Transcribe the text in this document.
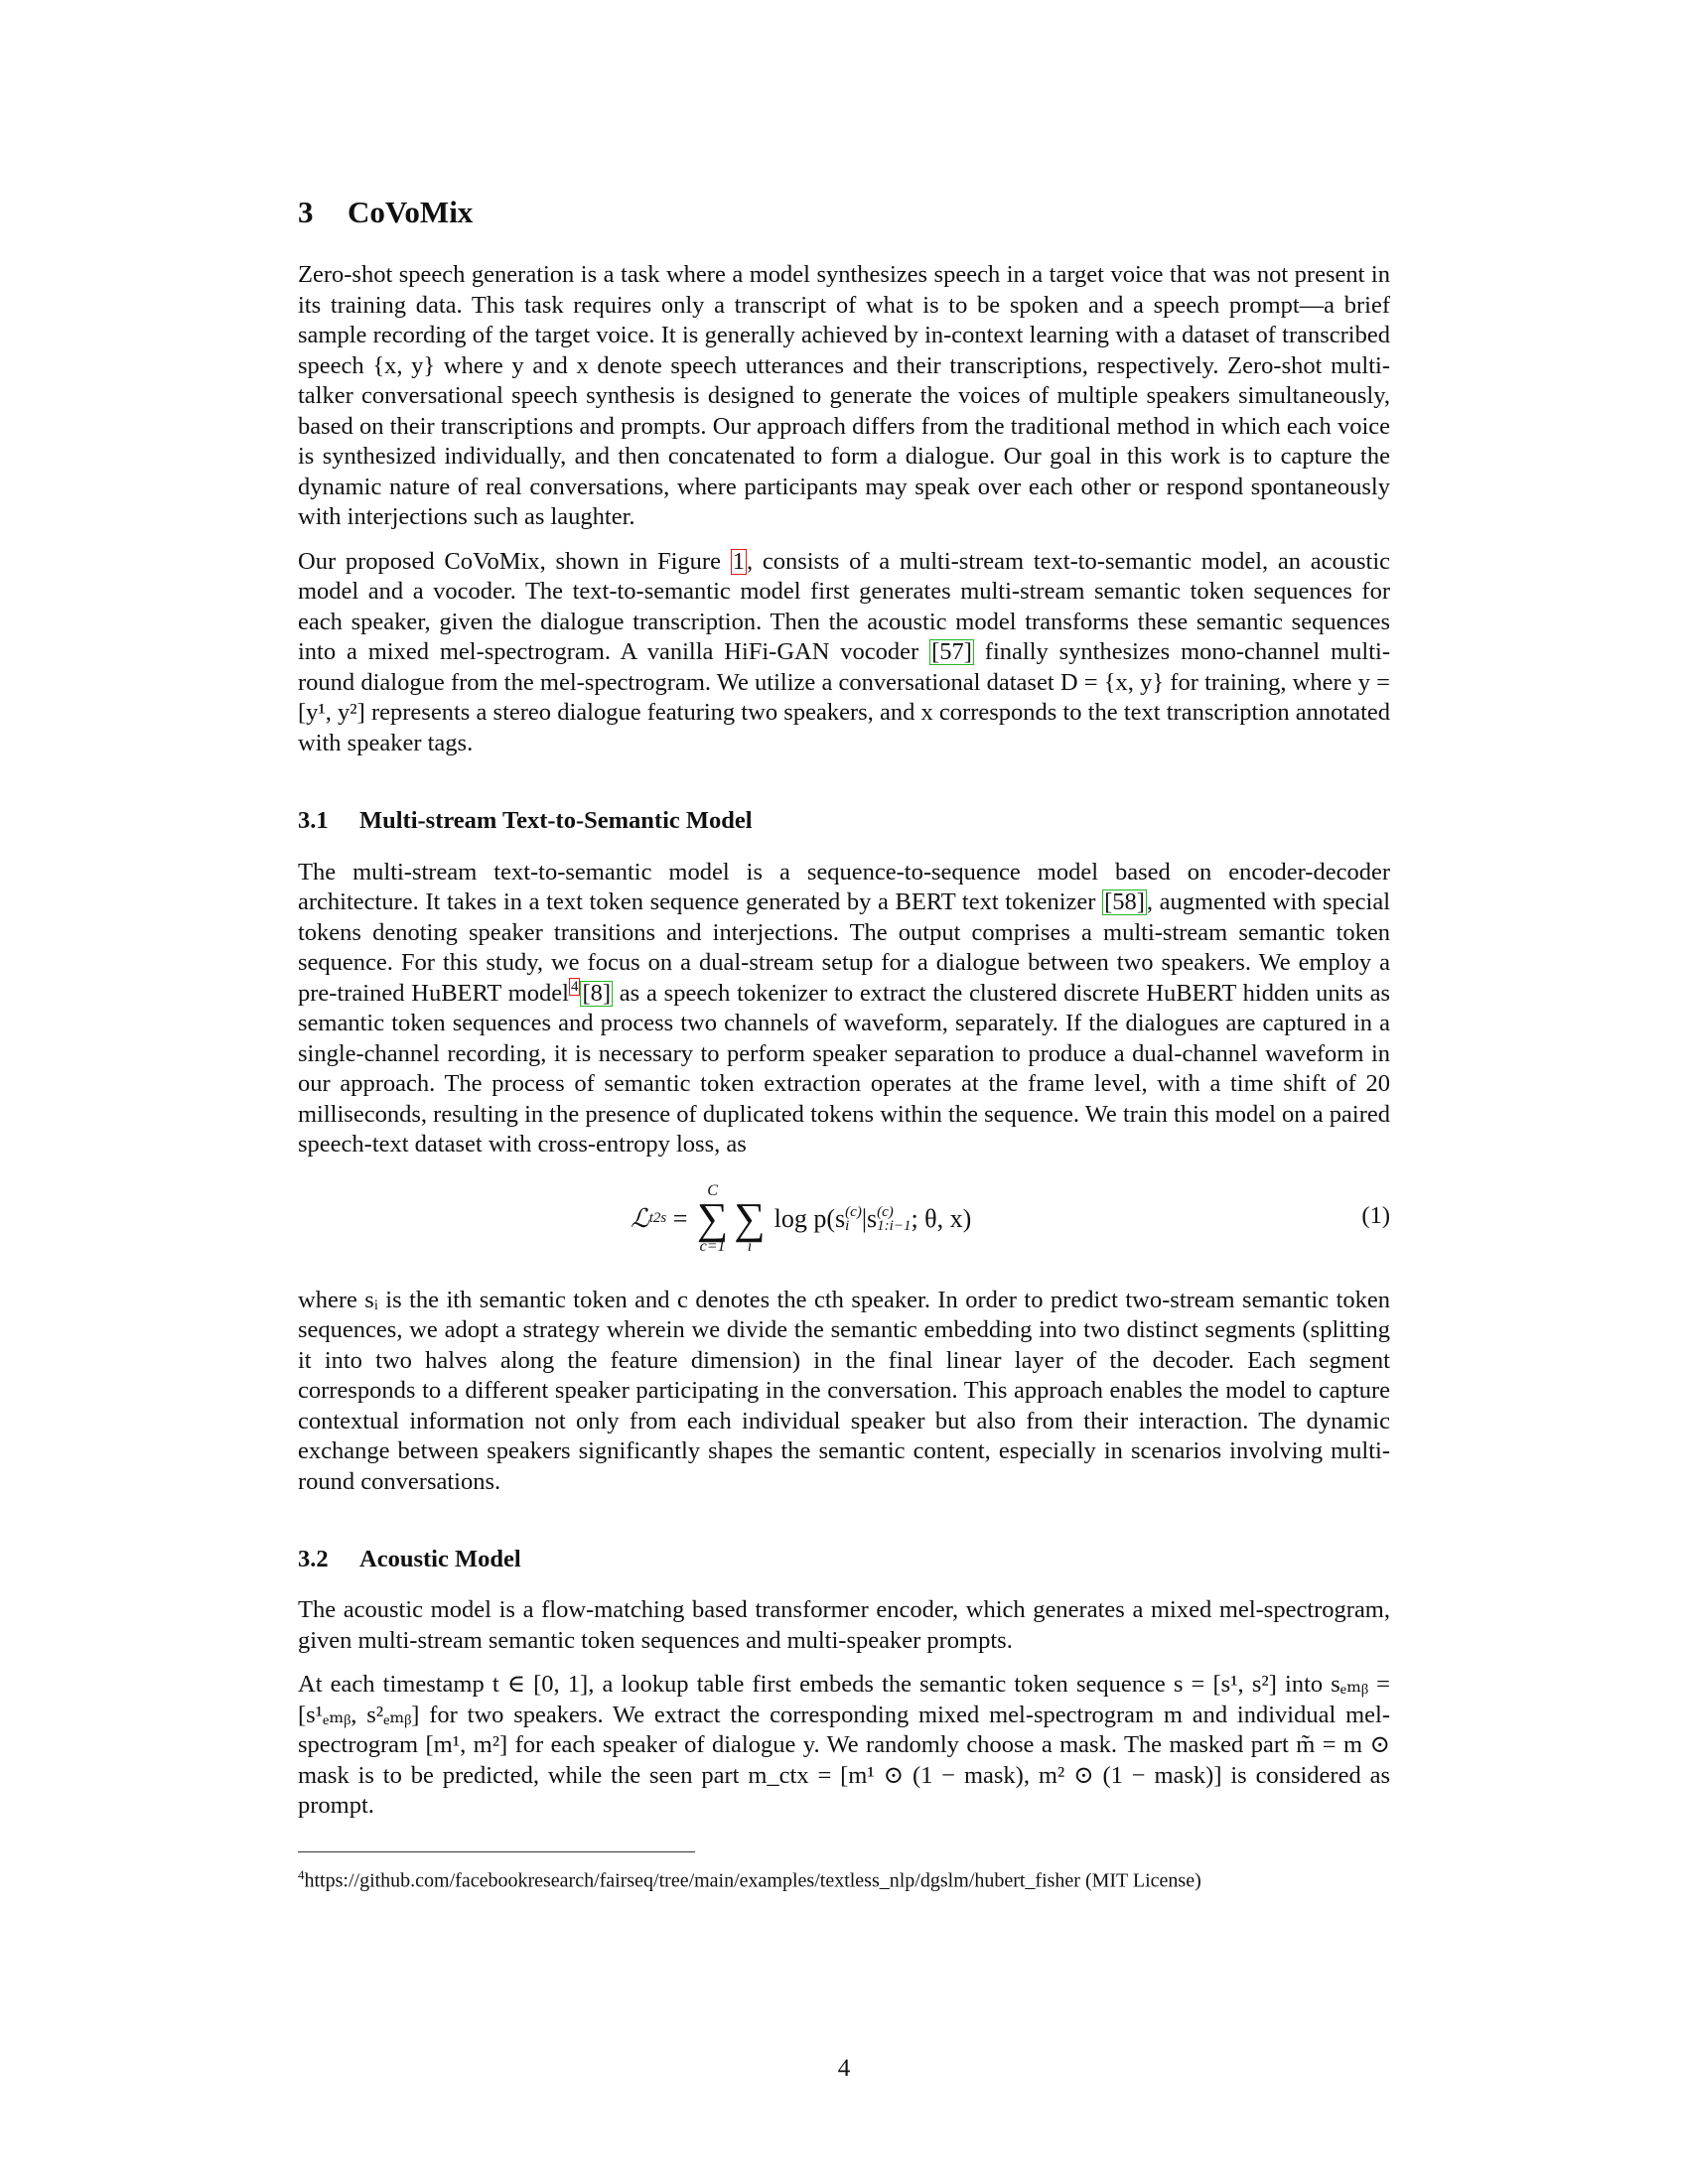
3 CoVoMix

Zero-shot speech generation is a task where a model synthesizes speech in a target voice that was not present in its training data. This task requires only a transcript of what is to be spoken and a speech prompt—a brief sample recording of the target voice. It is generally achieved by in-context learning with a dataset of transcribed speech {x, y} where y and x denote speech utterances and their transcriptions, respectively. Zero-shot multi-talker conversational speech synthesis is designed to generate the voices of multiple speakers simultaneously, based on their transcriptions and prompts. Our approach differs from the traditional method in which each voice is synthesized individually, and then concatenated to form a dialogue. Our goal in this work is to capture the dynamic nature of real conversations, where participants may speak over each other or respond spontaneously with interjections such as laughter.

Our proposed CoVoMix, shown in Figure 1, consists of a multi-stream text-to-semantic model, an acoustic model and a vocoder. The text-to-semantic model first generates multi-stream semantic token sequences for each speaker, given the dialogue transcription. Then the acoustic model transforms these semantic sequences into a mixed mel-spectrogram. A vanilla HiFi-GAN vocoder [57] finally synthesizes mono-channel multi-round dialogue from the mel-spectrogram. We utilize a conversational dataset D = {x, y} for training, where y = [y¹, y²] represents a stereo dialogue featuring two speakers, and x corresponds to the text transcription annotated with speaker tags.

3.1 Multi-stream Text-to-Semantic Model

The multi-stream text-to-semantic model is a sequence-to-sequence model based on encoder-decoder architecture. It takes in a text token sequence generated by a BERT text tokenizer [58], augmented with special tokens denoting speaker transitions and interjections. The output comprises a multi-stream semantic token sequence. For this study, we focus on a dual-stream setup for a dialogue between two speakers. We employ a pre-trained HuBERT model $^4$ [8] as a speech tokenizer to extract the clustered discrete HuBERT hidden units as semantic token sequences and process two channels of waveform, separately. If the dialogues are captured in a single-channel recording, it is necessary to perform speaker separation to produce a dual-channel waveform in our approach. The process of semantic token extraction operates at the frame level, with a time shift of 20 milliseconds, resulting in the presence of duplicated tokens within the sequence. We train this model on a paired speech-text dataset with cross-entropy loss, as

ℒ t2s =
C
∑
c=1

∑
i
log p(s (c)
i |s (c)
1:i−1 ; θ, x)	(1)

where sᵢ is the ith semantic token and c denotes the cth speaker. In order to predict two-stream semantic token sequences, we adopt a strategy wherein we divide the semantic embedding into two distinct segments (splitting it into two halves along the feature dimension) in the final linear layer of the decoder. Each segment corresponds to a different speaker participating in the conversation. This approach enables the model to capture contextual information not only from each individual speaker but also from their interaction. The dynamic exchange between speakers significantly shapes the semantic content, especially in scenarios involving multi-round conversations.

3.2 Acoustic Model

The acoustic model is a flow-matching based transformer encoder, which generates a mixed mel-spectrogram, given multi-stream semantic token sequences and multi-speaker prompts.

At each timestamp t ∈ [0, 1], a lookup table first embeds the semantic token sequence s = [s¹, s²] into sₑₘᵦ = [s¹ₑₘᵦ, s²ₑₘᵦ] for two speakers. We extract the corresponding mixed mel-spectrogram m and individual mel-spectrogram [m¹, m²] for each speaker of dialogue y. We randomly choose a mask. The masked part m̃ = m ⊙ mask is to be predicted, while the seen part m_ctx = [m¹ ⊙ (1 − mask), m² ⊙ (1 − mask)] is considered as prompt.

$^4$https://github.com/facebookresearch/fairseq/tree/main/examples/textless_nlp/dgslm/hubert_fisher (MIT License)
4
